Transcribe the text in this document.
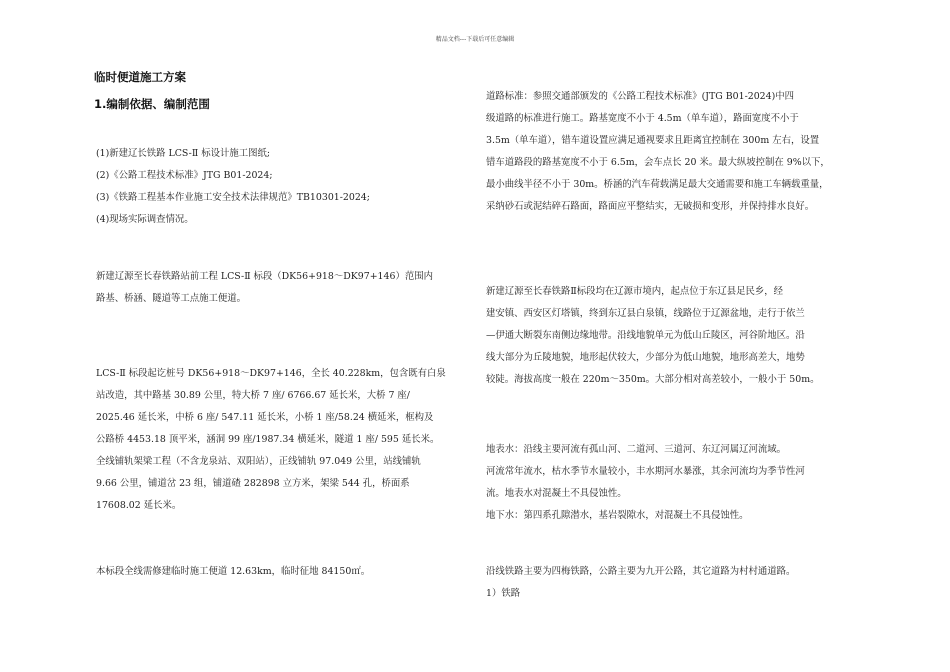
精品文档---下载后可任意编辑
临时便道施工方案
1.编制依据、编制范围
(1)新建辽长铁路 LCS-Ⅱ 标设计施工图纸;
(2)《公路工程技术标准》JTG B01-2024;
(3)《铁路工程基本作业施工安全技术法律规范》TB10301-2024;
(4)现场实际调查情况。
新建辽源至长春铁路站前工程 LCS-Ⅱ 标段（DK56+918～DK97+146）范围内
路基、桥涵、隧道等工点施工便道。
LCS-Ⅱ 标段起讫桩号 DK56+918～DK97+146，全长 40.228km，包含既有白泉
站改造，其中路基 30.89 公里，特大桥 7 座/ 6766.67 延长米，大桥 7 座/
2025.46 延长米，中桥 6 座/ 547.11 延长米，小桥 1 座/58.24 横延米，框构及
公路桥 4453.18 顶平米，涵洞 99 座/1987.34 横延米，隧道 1 座/ 595 延长米。
全线铺轨架梁工程（不含龙泉站、双阳站），正线铺轨 97.049 公里，站线铺轨
9.66 公里，铺道岔 23 组，铺道碴 282898 立方米，架梁 544 孔，桥面系
17608.02 延长米。
本标段全线需修建临时施工便道 12.63km，临时征地 84150㎡。
道路标准：参照交通部颁发的《公路工程技术标准》(JTG B01-2024)中四
级道路的标准进行施工。路基宽度不小于 4.5m（单车道），路面宽度不小于
3.5m（单车道），错车道设置应满足通视要求且距离宜控制在 300m 左右，设置
错车道路段的路基宽度不小于 6.5m，会车点长 20 米。最大纵坡控制在 9%以下，
最小曲线半径不小于 30m。桥涵的汽车荷载满足最大交通需要和施工车辆载重量，
采纳砂石或泥结碎石路面，路面应平整结实，无破损和变形，并保持排水良好。
新建辽源至长春铁路Ⅱ标段均在辽源市境内，起点位于东辽县足民乡，经
建安镇、西安区灯塔镇，终到东辽县白泉镇，线路位于辽源盆地，走行于依兰
—伊通大断裂东南侧边缘地带。沿线地貌单元为低山丘陵区，河谷阶地区。沿
线大部分为丘陵地貌，地形起伏较大，少部分为低山地貌，地形高差大，地势
较陡。海拔高度一般在 220m～350m。大部分相对高差较小，一般小于 50m。
地表水：沿线主要河流有孤山河、二道河、三道河、东辽河属辽河流域。
河流常年流水，枯水季节水量较小，丰水期河水暴涨，其余河流均为季节性河
流。地表水对混凝土不具侵蚀性。
地下水：第四系孔隙潜水，基岩裂隙水，对混凝土不具侵蚀性。
沿线铁路主要为四梅铁路，公路主要为九开公路，其它道路为村村通道路。
1）铁路
